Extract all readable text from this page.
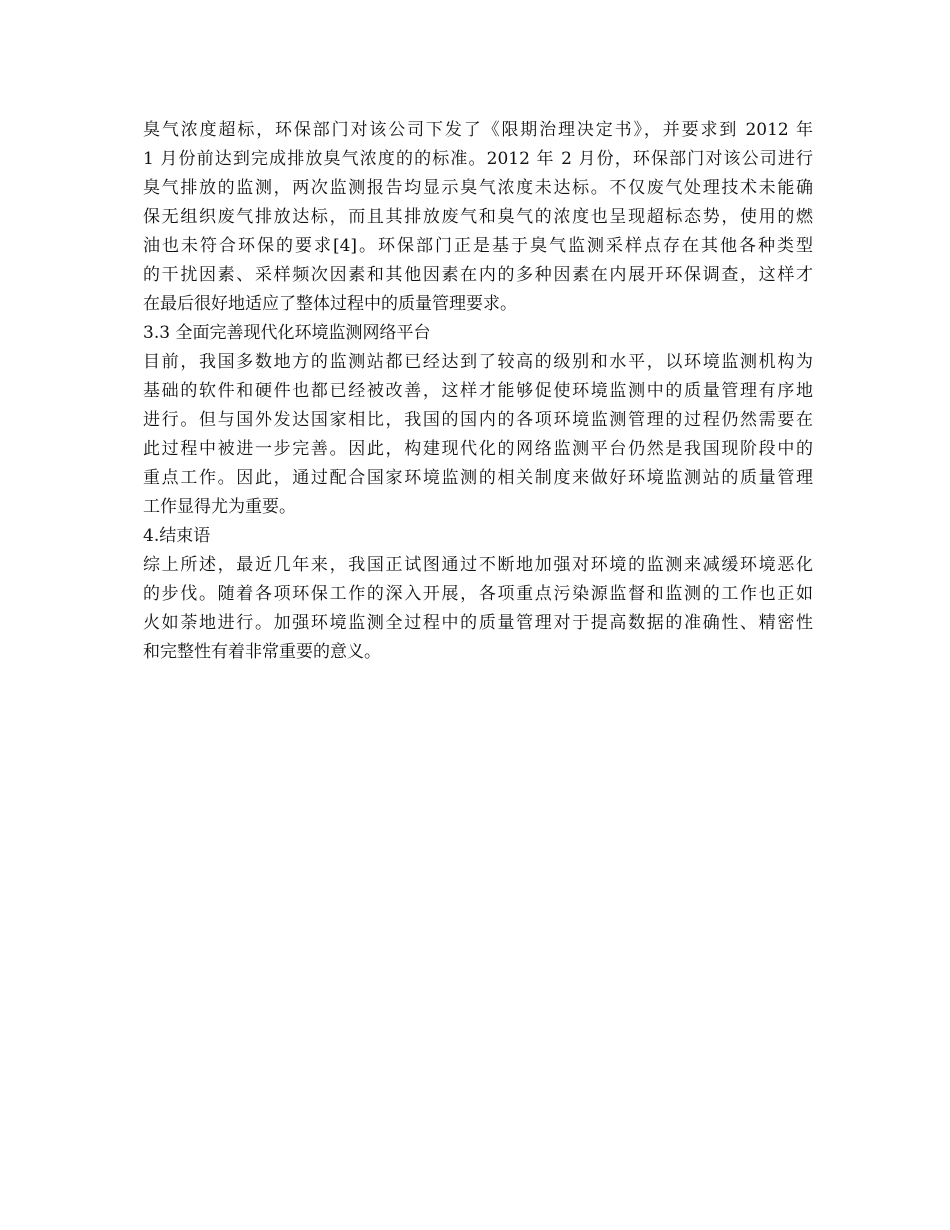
臭气浓度超标，环保部门对该公司下发了《限期治理决定书》，并要求到 2012 年
1 月份前达到完成排放臭气浓度的的标准。2012 年 2 月份，环保部门对该公司进行
臭气排放的监测，两次监测报告均显示臭气浓度未达标。不仅废气处理技术未能确
保无组织废气排放达标，而且其排放废气和臭气的浓度也呈现超标态势，使用的燃
油也未符合环保的要求[4]。环保部门正是基于臭气监测采样点存在其他各种类型
的干扰因素、采样频次因素和其他因素在内的多种因素在内展开环保调查，这样才
在最后很好地适应了整体过程中的质量管理要求。
3.3 全面完善现代化环境监测网络平台
目前，我国多数地方的监测站都已经达到了较高的级别和水平，以环境监测机构为
基础的软件和硬件也都已经被改善，这样才能够促使环境监测中的质量管理有序地
进行。但与国外发达国家相比，我国的国内的各项环境监测管理的过程仍然需要在
此过程中被进一步完善。因此，构建现代化的网络监测平台仍然是我国现阶段中的
重点工作。因此，通过配合国家环境监测的相关制度来做好环境监测站的质量管理
工作显得尤为重要。
4.结束语
综上所述，最近几年来，我国正试图通过不断地加强对环境的监测来减缓环境恶化
的步伐。随着各项环保工作的深入开展，各项重点污染源监督和监测的工作也正如
火如荼地进行。加强环境监测全过程中的质量管理对于提高数据的准确性、精密性
和完整性有着非常重要的意义。
